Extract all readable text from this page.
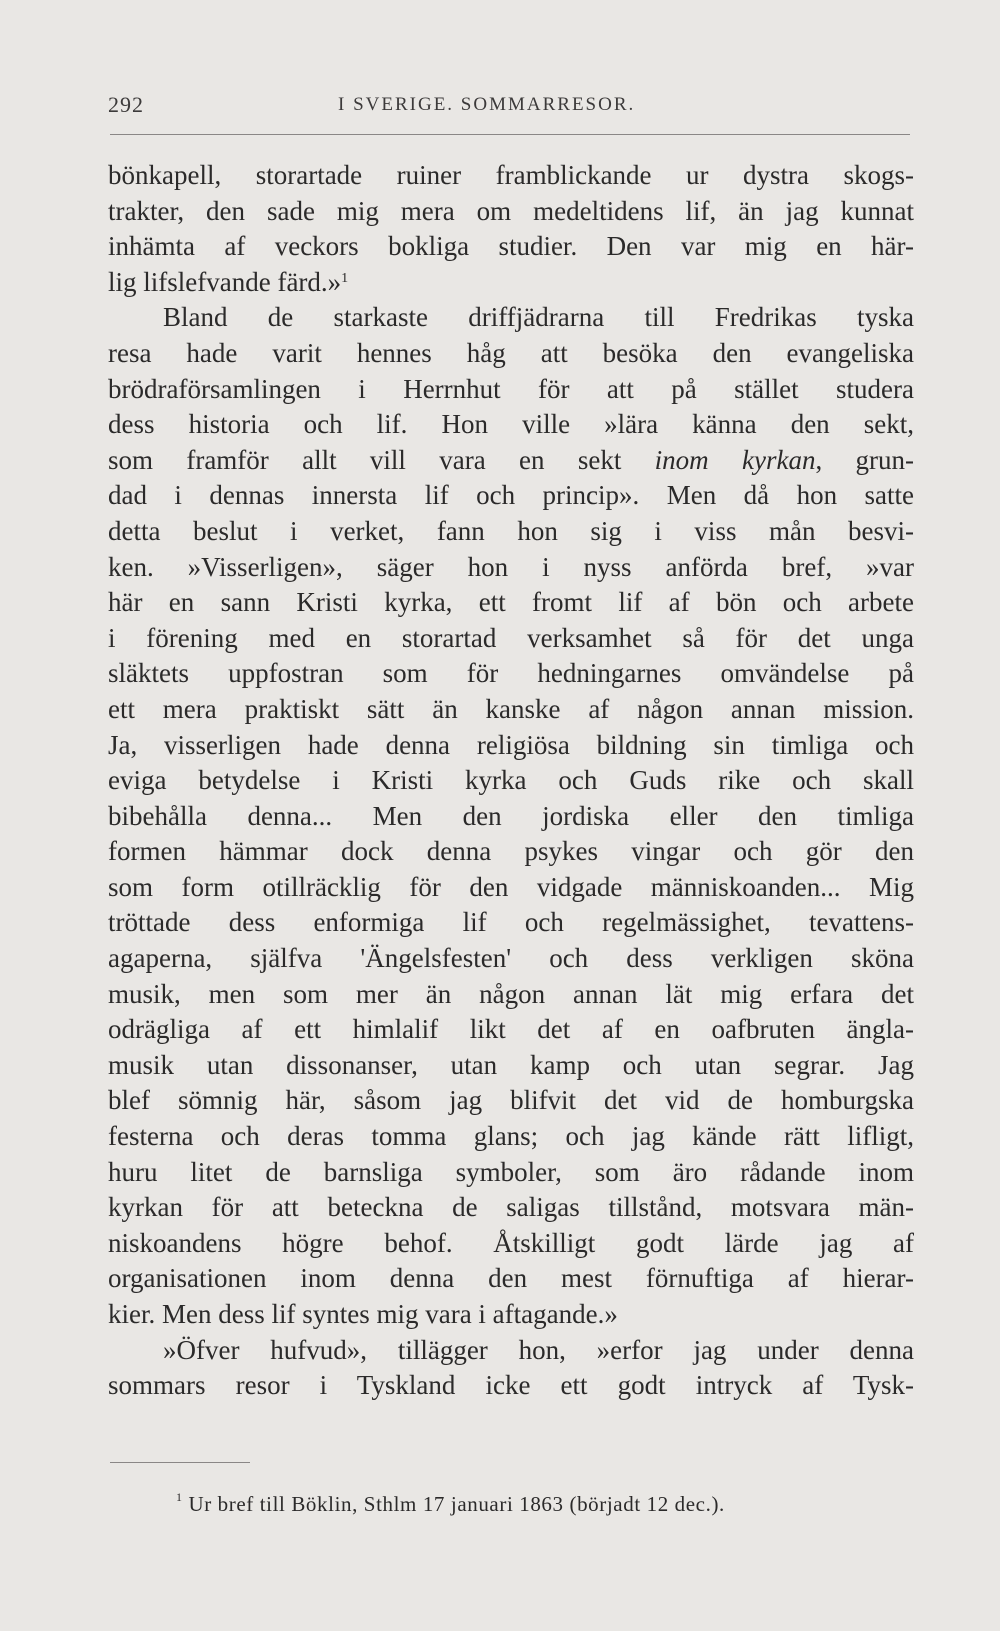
292	I SVERIGE. SOMMARRESOR.
bönkapell, storartade ruiner framblickande ur dystra skogs-
trakter, den sade mig mera om medeltidens lif, än jag kunnat
inhämta af veckors bokliga studier. Den var mig en här-
lig lifslefvande färd.»$^1$
Bland de starkaste driffjädrarna till Fredrikas tyska
resa hade varit hennes håg att besöka den evangeliska
brödraförsamlingen i Herrnhut för att på stället studera
dess historia och lif. Hon ville »lära känna den sekt,
som framför allt vill vara en sekt inom kyrkan, grun-
dad i dennas innersta lif och princip». Men då hon satte
detta beslut i verket, fann hon sig i viss mån besvi-
ken. »Visserligen», säger hon i nyss anförda bref, »var
här en sann Kristi kyrka, ett fromt lif af bön och arbete
i förening med en storartad verksamhet så för det unga
släktets uppfostran som för hedningarnes omvändelse på
ett mera praktiskt sätt än kanske af någon annan mission.
Ja, visserligen hade denna religiösa bildning sin timliga och
eviga betydelse i Kristi kyrka och Guds rike och skall
bibehålla denna... Men den jordiska eller den timliga
formen hämmar dock denna psykes vingar och gör den
som form otillräcklig för den vidgade människoanden... Mig
tröttade dess enformiga lif och regelmässighet, tevattens-
agaperna, själfva 'Ängelsfesten' och dess verkligen sköna
musik, men som mer än någon annan lät mig erfara det
odrägliga af ett himlalif likt det af en oafbruten ängla-
musik utan dissonanser, utan kamp och utan segrar. Jag
blef sömnig här, såsom jag blifvit det vid de homburgska
festerna och deras tomma glans; och jag kände rätt lifligt,
huru litet de barnsliga symboler, som äro rådande inom
kyrkan för att beteckna de saligas tillstånd, motsvara män-
niskoandens högre behof. Åtskilligt godt lärde jag af
organisationen inom denna den mest förnuftiga af hierar-
kier. Men dess lif syntes mig vara i aftagande.»
»Öfver hufvud», tillägger hon, »erfor jag under denna
sommars resor i Tyskland icke ett godt intryck af Tysk-
$^1$ Ur bref till Böklin, Sthlm 17 januari 1863 (börjadt 12 dec.).
